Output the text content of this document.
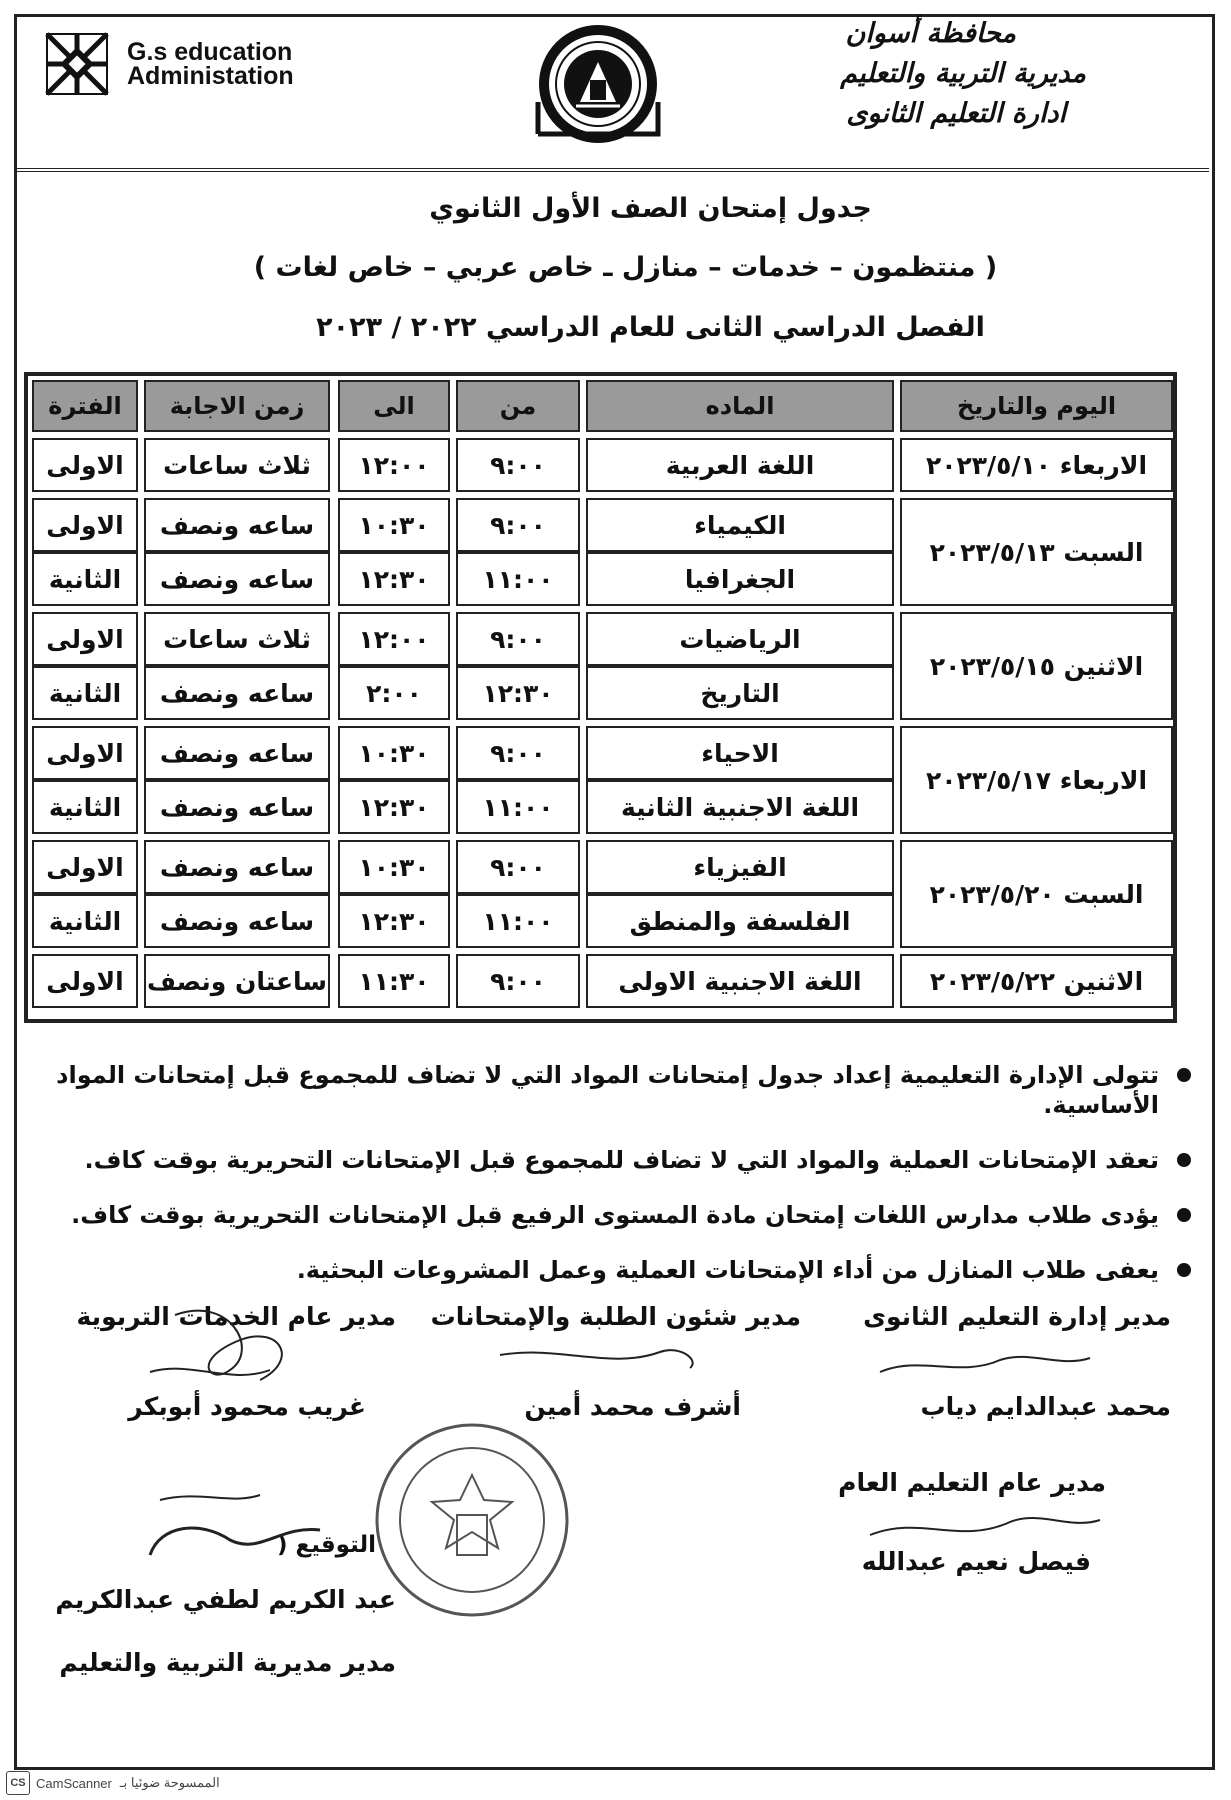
محافظة أسوان
مديرية التربية والتعليم
ادارة التعليم الثانوى
G.s education
Administation
جدول إمتحان الصف الأول الثانوي
( منتظمون – خدمات – منازل ـ خاص عربي – خاص لغات )
الفصل الدراسي الثانى للعام الدراسي ٢٠٢٢ / ٢٠٢٣
اليوم والتاريخ
الماده
من
الى
زمن الاجابة
الفترة
الاربعاء ٢٠٢٣/٥/١٠
اللغة العربية
٩:٠٠
١٢:٠٠
ثلاث ساعات
الاولى
السبت ٢٠٢٣/٥/١٣
الكيمياء
٩:٠٠
١٠:٣٠
ساعه ونصف
الاولى
الجغرافيا
١١:٠٠
١٢:٣٠
ساعه ونصف
الثانية
الاثنين ٢٠٢٣/٥/١٥
الرياضيات
٩:٠٠
١٢:٠٠
ثلاث ساعات
الاولى
التاريخ
١٢:٣٠
٢:٠٠
ساعه ونصف
الثانية
الاربعاء ٢٠٢٣/٥/١٧
الاحياء
٩:٠٠
١٠:٣٠
ساعه ونصف
الاولى
اللغة الاجنبية الثانية
١١:٠٠
١٢:٣٠
ساعه ونصف
الثانية
السبت ٢٠٢٣/٥/٢٠
الفيزياء
٩:٠٠
١٠:٣٠
ساعه ونصف
الاولى
الفلسفة والمنطق
١١:٠٠
١٢:٣٠
ساعه ونصف
الثانية
الاثنين ٢٠٢٣/٥/٢٢
اللغة الاجنبية الاولى
٩:٠٠
١١:٣٠
ساعتان ونصف
الاولى
تتولى الإدارة التعليمية إعداد جدول إمتحانات المواد التي لا تضاف للمجموع قبل إمتحانات المواد الأساسية.
تعقد الإمتحانات العملية والمواد التي لا تضاف للمجموع قبل الإمتحانات التحريرية بوقت كاف.
يؤدى طلاب مدارس اللغات إمتحان مادة المستوى الرفيع قبل الإمتحانات التحريرية بوقت كاف.
يعفى طلاب المنازل من أداء الإمتحانات العملية وعمل المشروعات البحثية.
مدير إدارة التعليم الثانوى
محمد عبدالدايم دياب
مدير شئون الطلبة والإمتحانات
أشرف محمد أمين
مدير عام الخدمات التربوية
غريب محمود أبوبكر
مدير عام التعليم العام
فيصل نعيم عبدالله
التوقيع (
عبد الكريم لطفي عبدالكريم
مدير مديرية التربية والتعليم
CS CamScanner الممسوحة ضوئيا بـ
